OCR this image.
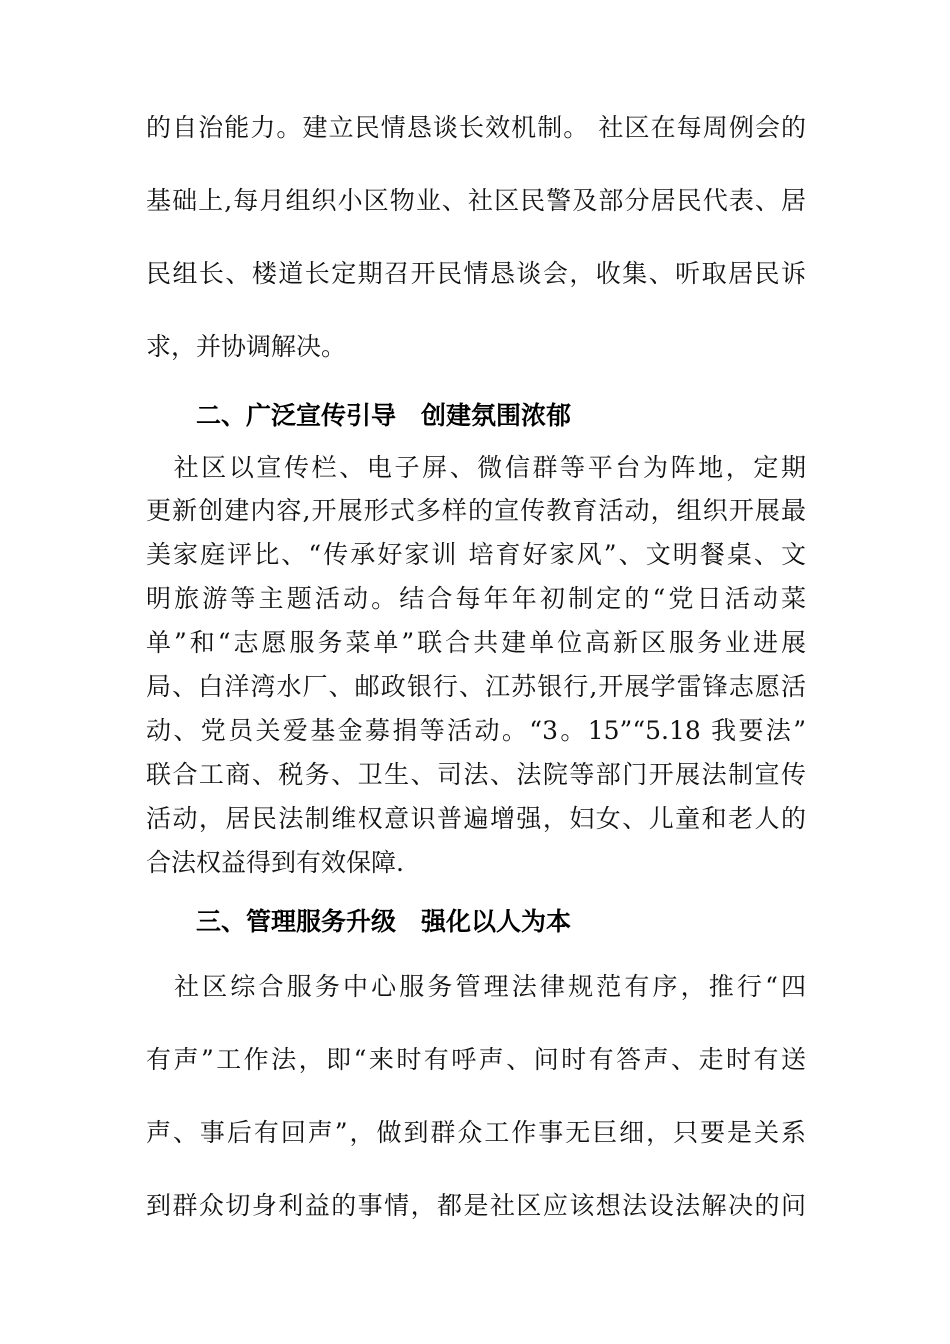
的自治能力。建立民情恳谈长效机制。 社区在每周例会的
基础上,每月组织小区物业、社区民警及部分居民代表、居
民组长、楼道长定期召开民情恳谈会，收集、听取居民诉
求，并协调解决。
二、广泛宣传引导　创建氛围浓郁
　社区以宣传栏、电子屏、微信群等平台为阵地，定期
更新创建内容,开展形式多样的宣传教育活动，组织开展最
美家庭评比、“传承好家训 培育好家风”、文明餐桌、文
明旅游等主题活动。结合每年年初制定的“党日活动菜
单”和“志愿服务菜单”联合共建单位高新区服务业进展
局、白洋湾水厂、邮政银行、江苏银行,开展学雷锋志愿活
动、党员关爱基金募捐等活动。“3。15”“5.18 我要法”
联合工商、税务、卫生、司法、法院等部门开展法制宣传
活动，居民法制维权意识普遍增强，妇女、儿童和老人的
合法权益得到有效保障.
三、管理服务升级　强化以人为本
　社区综合服务中心服务管理法律规范有序，推行“四
有声”工作法，即“来时有呼声、问时有答声、走时有送
声、事后有回声”，做到群众工作事无巨细，只要是关系
到群众切身利益的事情，都是社区应该想法设法解决的问
